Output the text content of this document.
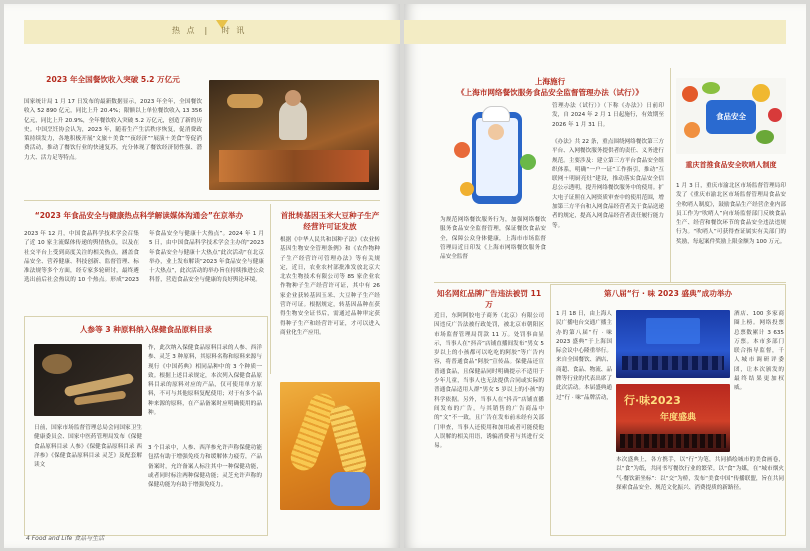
热 点 | 时 讯
2023 年全国餐饮收入突破 5.2 万亿元
国家统计局 1 月 17 日发布的最新数据显示，2023 年全年，全国餐饮收入 52 890 亿元，同比上升 20.4%；限额以上单位餐饮收入 13 356 亿元，同比上升 20.9%，全年餐饮收入突破 5.2 万亿元，创造了新的历史。中国烹饪协会认为，2023 年，随着生产生活秩序恢复，促消费政策持续发力，各地积极开展“文旅＋美食”“夜经济”“展演＋美食”等促消费活动，推动了餐饮行业的快速复苏，充分体现了餐饮经济韧性强、潜力大、活力足等特点。
“2023 年食品安全与健康热点科学解读媒体沟通会”在京举办
2023 年 12 月，中国食品科学技术学会召集了近 10 家主流媒体传递的舆情热点，以及在社交平台上受到高度关注的相关热点，涵盖食品安全、营养健康、科技创新、监督管理、标准法规等多个方面，经专家多轮研讨，最终遴选出前后社会热议的 10 个热点。形成“2023 年食品安全与健康十大热点”。2024 年 1 月 5 日，由中国食品科学技术学会主办的“2023 年食品安全与健康十大热点”此次活动“在北京举办，业上发布解读“2023 年食品安全与健康十大热点”，此次活动的举办旨在持续推进公众科普，营造食品安全与健康的良好舆论环境。
首批转基因玉米大豆种子生产经营许可证发放
根据《中华人民共和国种子法》《农业转基因生物安全管理条例》和《农作物种子生产经营许可管理办法》等有关规定，近日，农业农村部批准发放北京大北农生物技术有限公司等 85 家企业农作物种子生产经营许可证，其中有 26 家企业获转基因玉米、大豆种子生产经营许可证。根据规定，转基因品种在获得生物安全证书后，需通过品种审定获得种子生产和经营许可证，才可以进入商业化生产应用。
人参等 3 种原料纳入保健食品原料目录
作，此次纳入保健食品原料目录的人参、西洋参、灵芝 3 种原料，其原料名称和原料来源与现行《中国药典》相同品种中的 3 个种质一致。根据上述目录规定，本次列入保健食品原料目录的原料对应的产品，仅可使用单方原料，不可与其他原料复配使用；对于有多个品种来源的原料，在产品备案时应明确使用的品种。
日前，国家市场监督管理总局会同国家卫生健康委员会、国家中医药管理局发布《保健食品原料目录 人参》《保健食品原料目录 西洋参》《保健食品原料目录 灵芝》及配套解读文
3 个目录中，人参、西洋参允许声称保健功能包括有助于增强免疫力和缓解体力疲劳，产品备案时，允许备案人标注其中一种保健功能，或者同时标注两种保健功能；灵芝允许声称的保健功能为有助于增强免疫力。
4 Food and Life 食品与生活
上海施行
《上海市网络餐饮服务食品安全监督管理办法（试行）》
管理办法（试行）》（下称《办法》）日前印发，自 2024 年 2 月 1 日起施行，有效期至 2026 年 1 月 31 日。
《办法》共 22 条，重点围绕网络餐饮第三方平台、入网餐饮服务提供者的责任、义务进行规范。主要涉及：建立第三方平台食品安全组织体系，明确“一户一证”工作指引，推动“互联网＋明厨亮灶”建设，推动落实食品安全信息公示透明，提升网络餐饮服务中的使用。扩大电子证照在入网资质审查中的使用范围，增加第三方平台和入网食品经营者关于食品送递者的规定，提高入网食品经营者责任履行能力等。
为规范网络餐饮服务行为，加强网络餐饮服务食品安全监督管理，保证餐饮食品安全，保障公众身体健康，上海市市场监督管理局近日印发《上海市网络餐饮服务食品安全监督
食品安全
重庆首推食品安全吹哨人制度
1 月 3 日，重庆市渝北区市场监督管理局印发了《重庆市渝北区市场监督管理局食品安全吹哨人制度》，鼓励食品生产经营企业内部员工作为“吹哨人”向市场监督部门反映食品生产、经营和餐饮环节的食品安全违法违规行为。“吹哨人”可获得查证属实有关部门的奖励，每起案件奖励上限金额为 100 万元。
知名网红品牌广告违法被罚 11 万
近日，东阿阿胶电子商务（北京）有限公司因违反广告法被行政处罚，被北京市朝阳区市场监督管理局罚款 11 万。处罚事由显示，当事人在“抖音”店铺直播间发布“男女 5 岁以上的小孩都可以吃吃的阿胶”等广告内容，将普通食品“阿胶”宣传品。保健品还宣普通食品，且保健品同时明确提示不适用于少年儿童，当事人也无法提供合同或实际的普通食品适用人群“男女 5 岁以上的小孩”的科学依据。另外，当事人在“抖音”店铺直播间发布的广告，与其销售的广告商品中的“文”不一致，且广告在发布前未经有关部门审查，当事人还使用和加用或者可能使他人误解的相关用语，诱骗消费者与其进行交易。
第八届“行 · 味 2023 盛典”成功举办
1 月 18 日，由上海人民广播电台交通广播主办的第八届“行 · 味 2023 盛典”于上海国际会议中心隆重举行。来自全国餐饮、酒店、商超、食品、物流、品牌等行业的代表出席了此次活动。本届盛典通过“行 · 味”品牌活动， 行·味2023
年度盛典
酒店、100 多家商圈上榜。网络投票总票数累计 3 635 万票。本市多部门联合指导监督，千人城市调研评委团，让本次颁发的最终结果更加权威。
本次盛典上，各方携手，以“行”为笔，共同描绘城市的美食画卷，以“食”为纸，共同书写餐饮行业的繁荣。以“食”为媒，在“城市烟火气·餐饮新坐标”：以“交”为桥，发布“美食中国”传播联盟，旨在共同探索食品安全、规范文化振兴、消费提质的新路径。
